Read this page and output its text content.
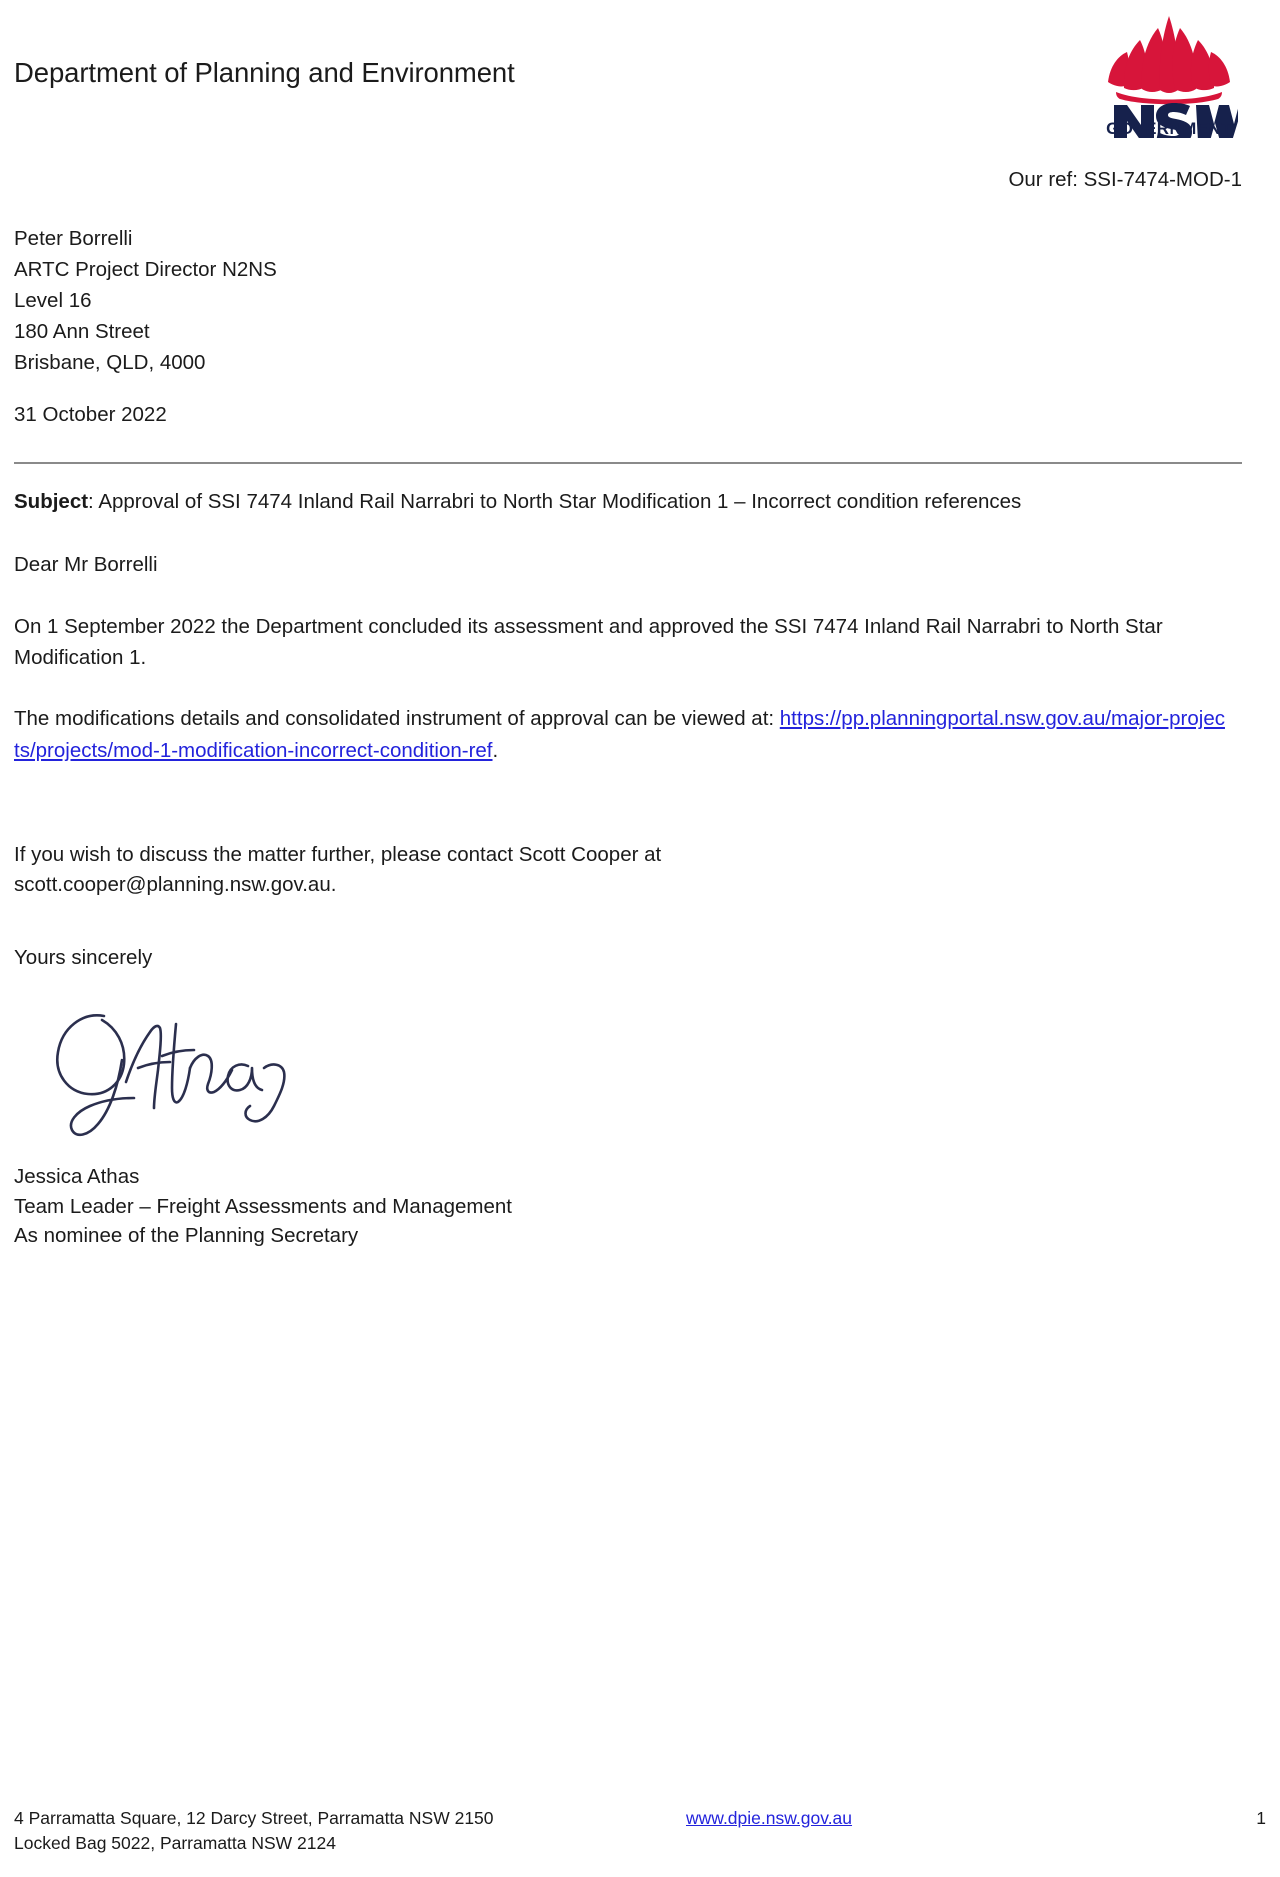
Department of Planning and Environment
GOVERNMENT

Our ref: SSI-7474-MOD-1

Peter Borrelli
ARTC Project Director N2NS
Level 16
180 Ann Street
Brisbane, QLD, 4000
31 October 2022

Subject: Approval of SSI 7474 Inland Rail Narrabri to North Star Modification 1 – Incorrect condition references

Dear Mr Borrelli

On 1 September 2022 the Department concluded its assessment and approved the SSI 7474 Inland Rail Narrabri to North Star Modification 1.

The modifications details and consolidated instrument of approval can be viewed at: https://pp.planningportal.nsw.gov.au/major-projects/projects/mod-1-modification-incorrect-condition-ref.

If you wish to discuss the matter further, please contact Scott Cooper at
scott.cooper@planning.nsw.gov.au.

Yours sincerely

Jessica Athas
Team Leader – Freight Assessments and Management
As nominee of the Planning Secretary
4 Parramatta Square, 12 Darcy Street, Parramatta NSW 2150
Locked Bag 5022, Parramatta NSW 2124
www.dpie.nsw.gov.au	1
